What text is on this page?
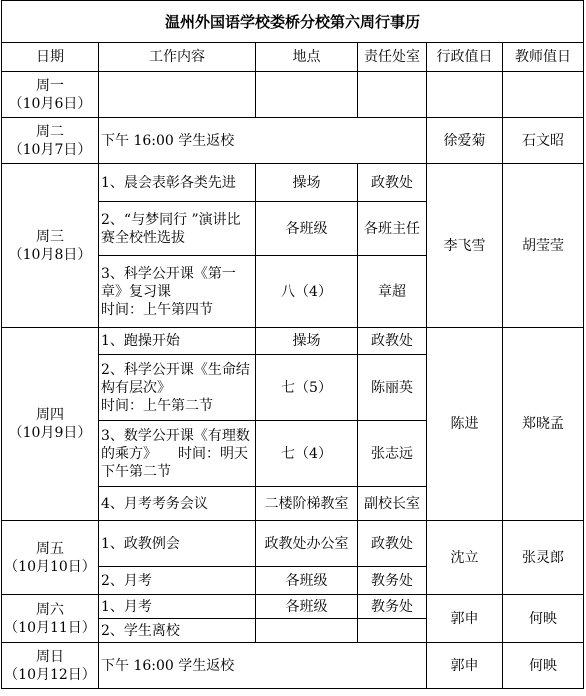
温州外国语学校娄桥分校第六周行事历					
日期	工作内容	地点	责任处室	行政值日	教师值日

周一
（10月6日）					

周二
（10月7日）	下午 16:00 学生返校			徐爱菊	石文昭

周三
（10月8日）	1、晨会表彰各类先进	操场	政教处	李飞雪	胡莹莹
	2、“与梦同行 ”演讲比赛全校性选拔	各班级	各班主任		
	3、科学公开课《第一章》复习课
时间：上午第四节	八（4）	章超		

周四
（10月9日）	1、跑操开始	操场	政教处	陈进	郑晓孟
	2、科学公开课《生命结构有层次》
时间：上午第二节	七（5）	陈丽英		
	3、数学公开课《有理数的乘方》　　时间：明天下午第二节	七（4）	张志远		
	4、月考考务会议	二楼阶梯教室	副校长室		

周五
（10月10日）	1、政教例会	政教处办公室	政教处	沈立	张灵郎
	2、月考	各班级	教务处		

周六
（10月11日）	1、月考	各班级	教务处	郭申	何映
	2、学生离校				

周日
（10月12日）	下午 16:00 学生返校			郭申	何映
